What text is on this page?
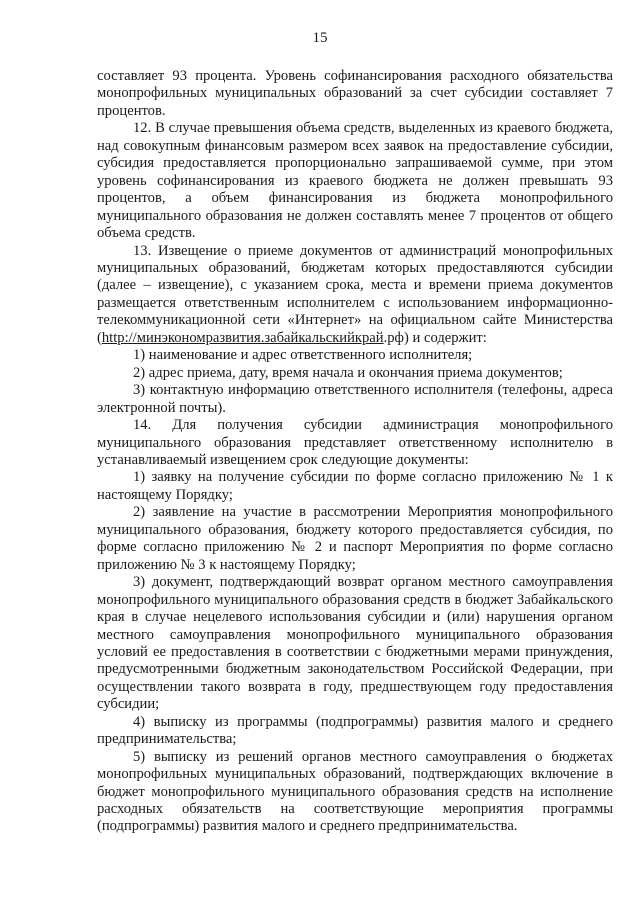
15

составляет 93 процента. Уровень софинансирования расходного обязательства монопрофильных муниципальных образований за счет субсидии составляет 7 процентов.

12. В случае превышения объема средств, выделенных из краевого бюджета, над совокупным финансовым размером всех заявок на предоставление субсидии, субсидия предоставляется пропорционально запрашиваемой сумме, при этом уровень софинансирования из краевого бюджета не должен превышать 93 процентов, а объем финансирования из бюджета монопрофильного муниципального образования не должен составлять менее 7 процентов от общего объема средств.

13. Извещение о приеме документов от администраций монопрофильных муниципальных образований, бюджетам которых предоставляются субсидии (далее – извещение), с указанием срока, места и времени приема документов размещается ответственным исполнителем с использованием информационно-телекоммуникационной сети «Интернет» на официальном сайте Министерства (http://минэкономразвития.забайкальскийкрай.рф) и содержит:

1) наименование и адрес ответственного исполнителя;

2) адрес приема, дату, время начала и окончания приема документов;

3) контактную информацию ответственного исполнителя (телефоны, адреса электронной почты).

14. Для получения субсидии администрация монопрофильного муниципального образования представляет ответственному исполнителю в устанавливаемый извещением срок следующие документы:

1) заявку на получение субсидии по форме согласно приложению № 1 к настоящему Порядку;

2) заявление на участие в рассмотрении Мероприятия монопрофильного муниципального образования, бюджету которого предоставляется субсидия, по форме согласно приложению № 2 и паспорт Мероприятия по форме согласно приложению № 3 к настоящему Порядку;

3) документ, подтверждающий возврат органом местного самоуправления монопрофильного муниципального образования средств в бюджет Забайкальского края в случае нецелевого использования субсидии и (или) нарушения органом местного самоуправления монопрофильного муниципального образования условий ее предоставления в соответствии с бюджетными мерами принуждения, предусмотренными бюджетным законодательством Российской Федерации, при осуществлении такого возврата в году, предшествующем году предоставления субсидии;

4) выписку из программы (подпрограммы) развития малого и среднего предпринимательства;

5) выписку из решений органов местного самоуправления о бюджетах монопрофильных муниципальных образований, подтверждающих включение в бюджет монопрофильного муниципального образования средств на исполнение расходных обязательств на соответствующие мероприятия программы (подпрограммы) развития малого и среднего предпринимательства.
